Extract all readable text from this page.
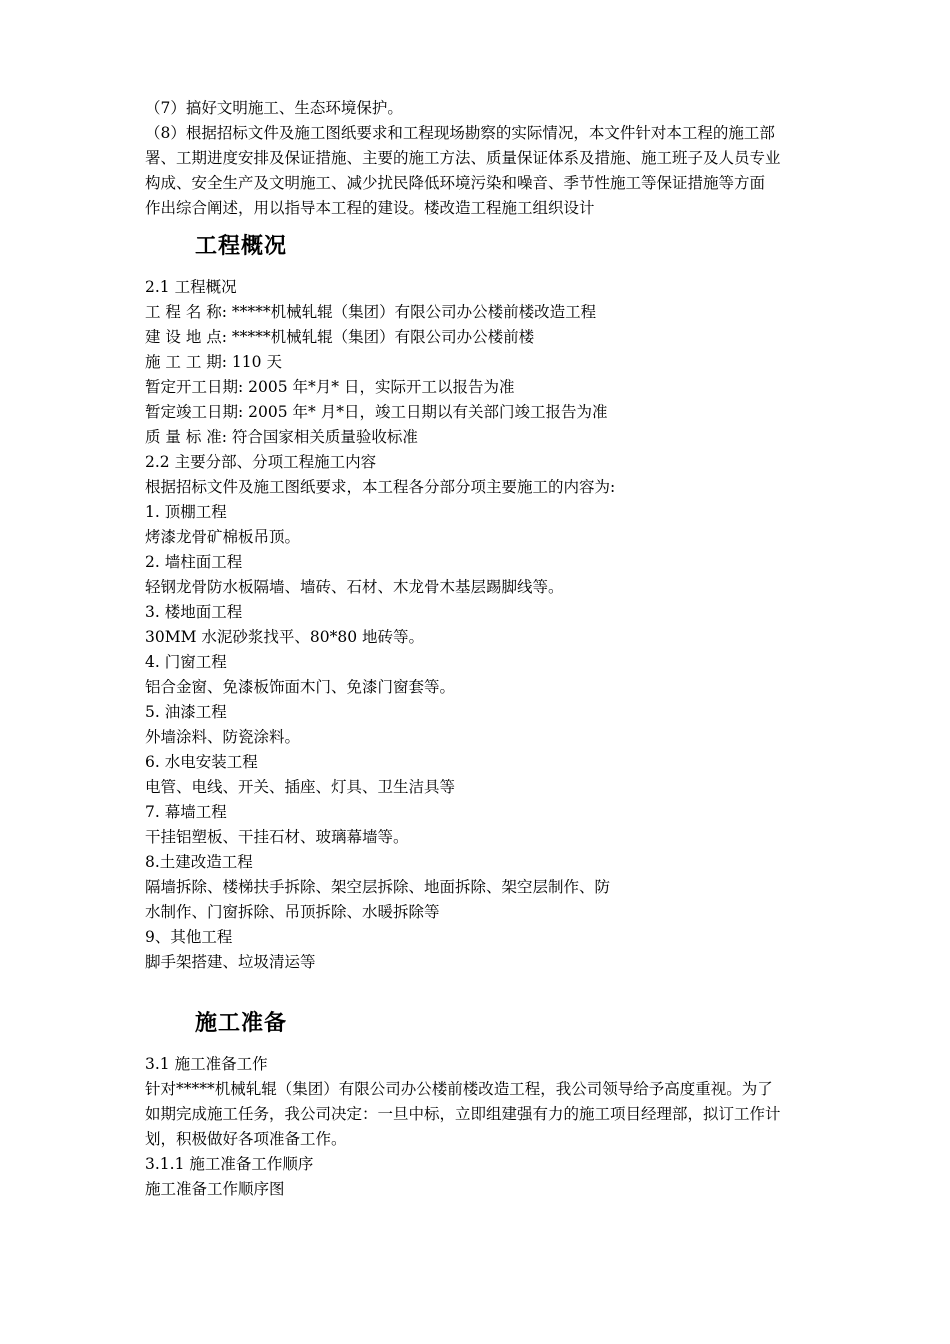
（7）搞好文明施工、生态环境保护。
（8）根据招标文件及施工图纸要求和工程现场勘察的实际情况，本文件针对本工程的施工部
署、工期进度安排及保证措施、主要的施工方法、质量保证体系及措施、施工班子及人员专业
构成、安全生产及文明施工、减少扰民降低环境污染和噪音、季节性施工等保证措施等方面
作出综合阐述，用以指导本工程的建设。楼改造工程施工组织设计
工程概况
2.1 工程概况
工 程 名 称: *****机械轧辊（集团）有限公司办公楼前楼改造工程
建 设 地 点: *****机械轧辊（集团）有限公司办公楼前楼
施 工 工 期: 110 天
暂定开工日期: 2005 年*月* 日，实际开工以报告为准
暂定竣工日期: 2005 年* 月*日，竣工日期以有关部门竣工报告为准
质 量 标 准: 符合国家相关质量验收标准
2.2 主要分部、分项工程施工内容
根据招标文件及施工图纸要求，本工程各分部分项主要施工的内容为:
1. 顶棚工程
烤漆龙骨矿棉板吊顶。
2. 墙柱面工程
轻钢龙骨防水板隔墙、墙砖、石材、木龙骨木基层踢脚线等。
3. 楼地面工程
30MM 水泥砂浆找平、80*80 地砖等。
4. 门窗工程
铝合金窗、免漆板饰面木门、免漆门窗套等。
5. 油漆工程
外墙涂料、防瓷涂料。
6. 水电安装工程
电管、电线、开关、插座、灯具、卫生洁具等
7. 幕墙工程
干挂铝塑板、干挂石材、玻璃幕墙等。
8.土建改造工程
隔墙拆除、楼梯扶手拆除、架空层拆除、地面拆除、架空层制作、防
水制作、门窗拆除、吊顶拆除、水暖拆除等
9、其他工程
脚手架搭建、垃圾清运等
施工准备
3.1 施工准备工作
针对*****机械轧辊（集团）有限公司办公楼前楼改造工程，我公司领导给予高度重视。为了
如期完成施工任务，我公司决定：一旦中标，立即组建强有力的施工项目经理部，拟订工作计
划，积极做好各项准备工作。
3.1.1 施工准备工作顺序
施工准备工作顺序图
